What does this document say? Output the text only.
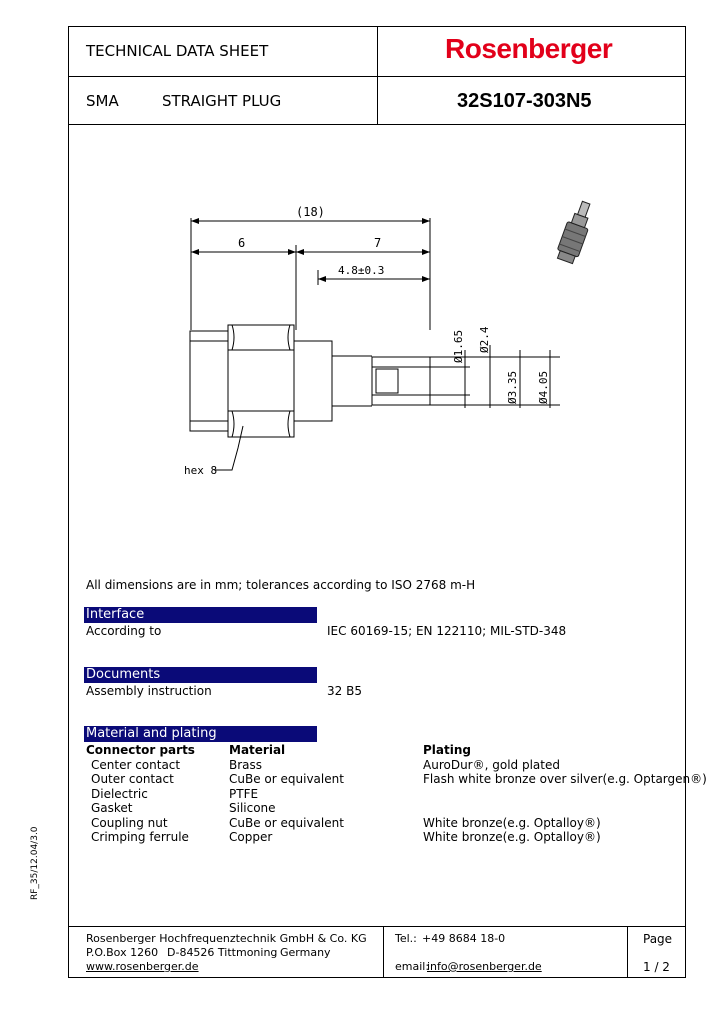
TECHNICAL DATA SHEET	Rosenberger
SMA	STRAIGHT PLUG	32S107-303N5
(18)
6	7
4.8±0.3
Ø1.65 Ø2.4
Ø3.35 Ø4.05
hex 8
All dimensions are in mm; tolerances according to ISO 2768 m-H
Interface
According to	IEC 60169-15; EN 122110; MIL-STD-348
Documents
Assembly instruction	32 B5
Material and plating
Connector parts	Material	Plating
Center contact	Brass	AuroDur®, gold plated
Outer contact	CuBe or equivalent	Flash white bronze over silver(e.g. Optargen®)
Dielectric	PTFE
Gasket	Silicone
Coupling nut	CuBe or equivalent	White bronze(e.g. Optalloy®)
Crimping ferrule	Copper	White bronze(e.g. Optalloy®)
RF_35/12.04/3.0
Rosenberger Hochfrequenztechnik GmbH & Co. KG
P.O.Box 1260 D-84526 Tittmoning Germany
www.rosenberger.de
Tel.: +49 8684 18-0
email:
info@rosenberger.de
Page
1 / 2
